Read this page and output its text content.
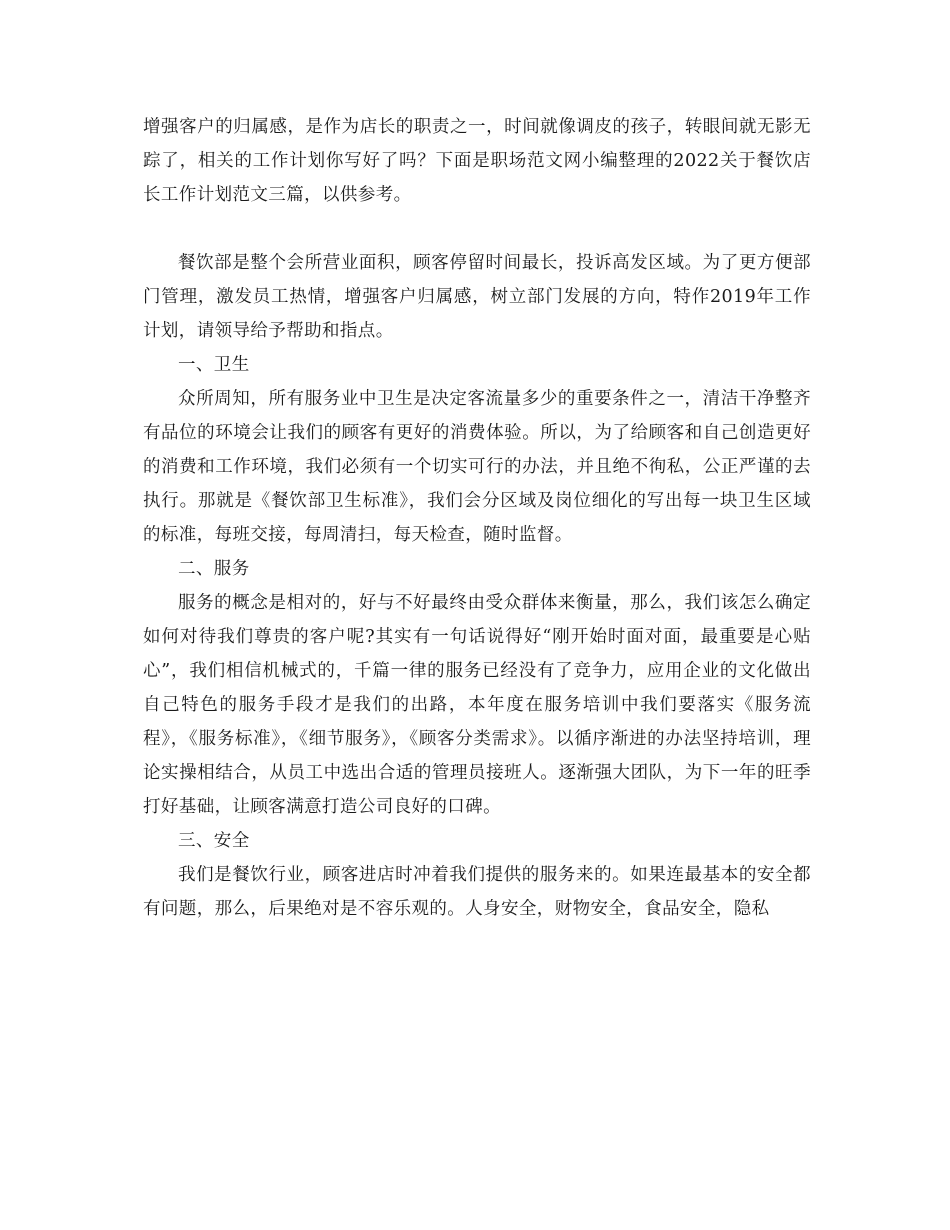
增强客户的归属感，是作为店长的职责之一，时间就像调皮的孩子，转眼间就无影无踪了，相关的工作计划你写好了吗？下面是职场范文网小编整理的2022关于餐饮店长工作计划范文三篇，以供参考。

餐饮部是整个会所营业面积，顾客停留时间最长，投诉高发区域。为了更方便部门管理，激发员工热情，增强客户归属感，树立部门发展的方向，特作2019年工作计划，请领导给予帮助和指点。

一、卫生

众所周知，所有服务业中卫生是决定客流量多少的重要条件之一，清洁干净整齐有品位的环境会让我们的顾客有更好的消费体验。所以，为了给顾客和自己创造更好的消费和工作环境，我们必须有一个切实可行的办法，并且绝不徇私，公正严谨的去执行。那就是《餐饮部卫生标准》，我们会分区域及岗位细化的写出每一块卫生区域的标准，每班交接，每周清扫，每天检查，随时监督。

二、服务

服务的概念是相对的，好与不好最终由受众群体来衡量，那么，我们该怎么确定如何对待我们尊贵的客户呢?其实有一句话说得好“刚开始时面对面，最重要是心贴心”，我们相信机械式的，千篇一律的服务已经没有了竞争力，应用企业的文化做出自己特色的服务手段才是我们的出路，本年度在服务培训中我们要落实《服务流程》，《服务标准》，《细节服务》，《顾客分类需求》。以循序渐进的办法坚持培训，理论实操相结合，从员工中选出合适的管理员接班人。逐渐强大团队，为下一年的旺季打好基础，让顾客满意打造公司良好的口碑。

三、安全

我们是餐饮行业，顾客进店时冲着我们提供的服务来的。如果连最基本的安全都有问题，那么，后果绝对是不容乐观的。人身安全，财物安全，食品安全，隐私
